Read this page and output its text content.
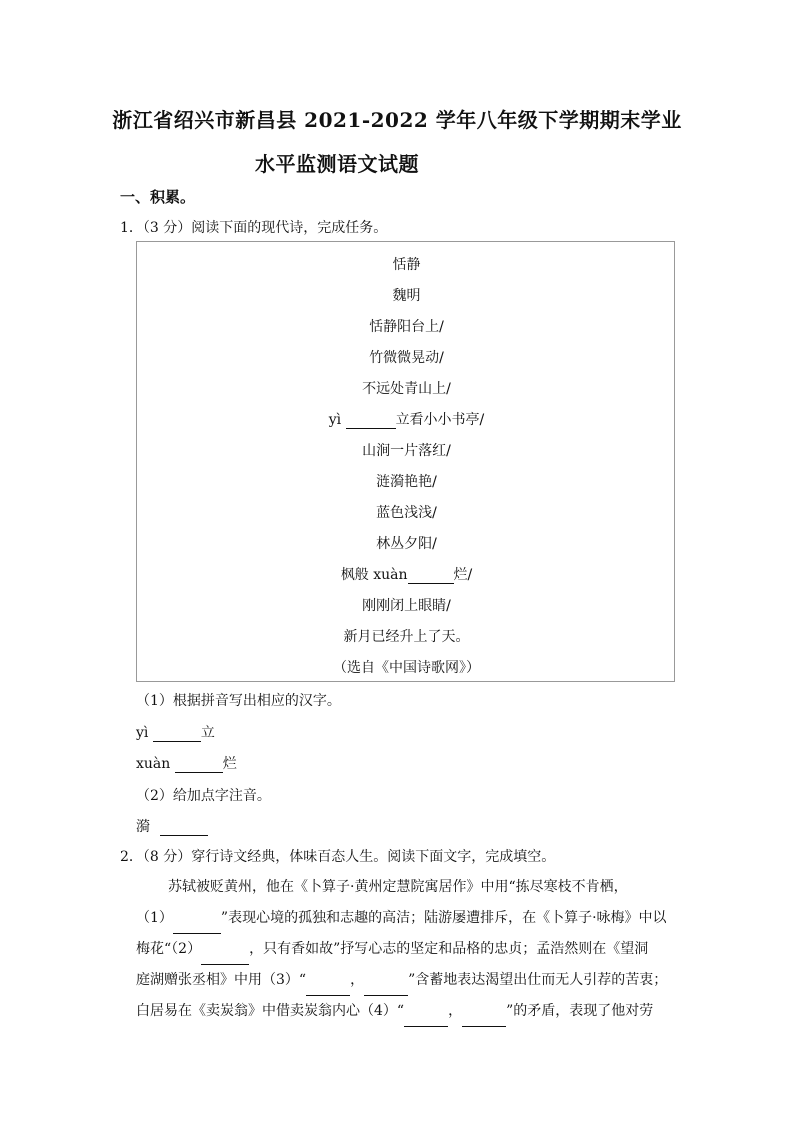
浙江省绍兴市新昌县 2021-2022 学年八年级下学期期末学业
水平监测语文试题
一、积累。
1．（3 分）阅读下面的现代诗，完成任务。
恬静
魏明
恬静阳台上/
竹微微晃动/
不远处青山上/
yì	立看小小书亭/
山涧一片落红/
涟漪艳艳/
蓝色浅浅/
林丛夕阳/
枫般 xuàn	烂/
刚刚闭上眼睛/
新月已经升上了天。
（选自《中国诗歌网》）
（1）根据拼音写出相应的汉字。
yì	立
xuàn	烂
（2）给加点字注音。
漪
2．（8 分）穿行诗文经典，体味百态人生。阅读下面文字，完成填空。
苏轼被贬黄州，他在《卜算子·黄州定慧院寓居作》中用“拣尽寒枝不肯栖，
（1）	”表现心境的孤独和志趣的高洁；陆游屡遭排斥，在《卜算子·咏梅》中以
梅花“（2）	，只有香如故”抒写心志的坚定和品格的忠贞；孟浩然则在《望洞
庭湖赠张丞相》中用（3）“	，	”含蓄地表达渴望出仕而无人引荐的苦衷；
白居易在《卖炭翁》中借卖炭翁内心（4）“	，	”的矛盾，表现了他对劳
